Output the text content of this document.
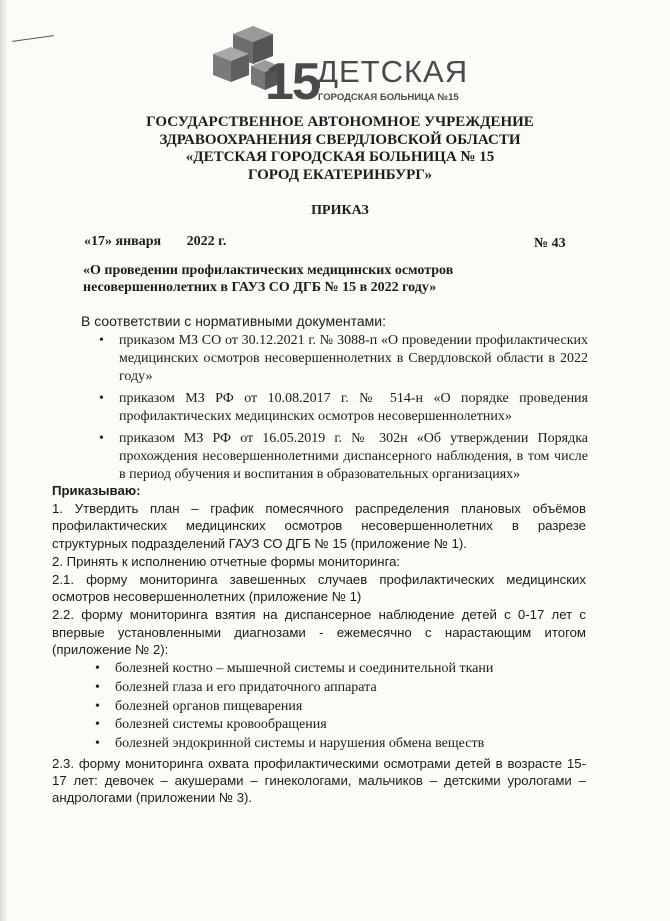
15
ДЕТСКАЯ
ГОРОДСКАЯ БОЛЬНИЦА №15
ГОСУДАРСТВЕННОЕ АВТОНОМНОЕ УЧРЕЖДЕНИЕ
ЗДРАВООХРАНЕНИЯ СВЕРДЛОВСКОЙ ОБЛАСТИ
«ДЕТСКАЯ ГОРОДСКАЯ БОЛЬНИЦА № 15
ГОРОД ЕКАТЕРИНБУРГ»
ПРИКАЗ
«17» января 2022 г.	№ 43
«О проведении профилактических медицинских осмотров
несовершеннолетних в ГАУЗ СО ДГБ № 15 в 2022 году»
В соответствии с нормативными документами:
• приказом МЗ СО от 30.12.2021 г. № 3088-п «О проведении профилактических медицинских осмотров несовершеннолетних в Свердловской области в 2022 году»
• приказом МЗ РФ от 10.08.2017 г. № 514-н «О порядке проведения профилактических медицинских осмотров несовершеннолетних»
• приказом МЗ РФ от 16.05.2019 г. № 302н «Об утверждении Порядка прохождения несовершеннолетними диспансерного наблюдения, в том числе в период обучения и воспитания в образовательных организациях»

Приказываю:

1. Утвердить план – график помесячного распределения плановых объёмов профилактических медицинских осмотров несовершеннолетних в разрезе структурных подразделений ГАУЗ СО ДГБ № 15 (приложение № 1).

2. Принять к исполнению отчетные формы мониторинга:

2.1. форму мониторинга завешенных случаев профилактических медицинских осмотров несовершеннолетних (приложение № 1)

2.2. форму мониторинга взятия на диспансерное наблюдение детей с 0-17 лет с впервые установленными диагнозами - ежемесячно с нарастающим итогом (приложение № 2):

• болезней костно – мышечной системы и соединительной ткани
• болезней глаза и его придаточного аппарата
• болезней органов пищеварения
• болезней системы кровообращения
• болезней эндокринной системы и нарушения обмена веществ

2.3. форму мониторинга охвата профилактическими осмотрами детей в возрасте 15-17 лет: девочек – акушерами – гинекологами, мальчиков – детскими урологами – андрологами (приложении № 3).
